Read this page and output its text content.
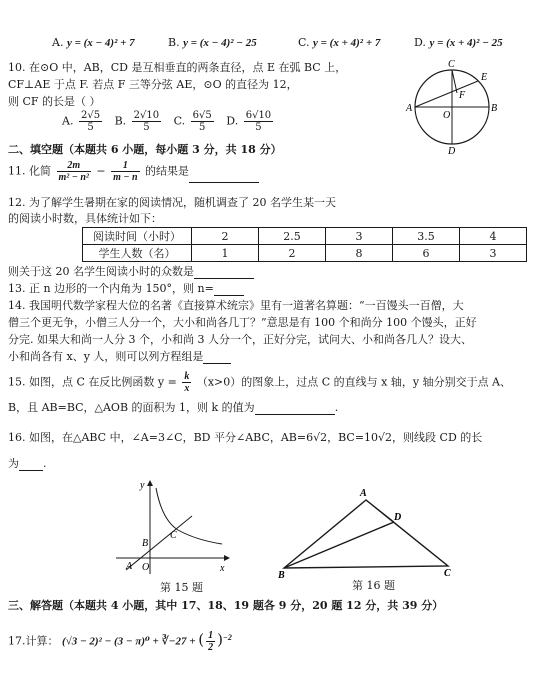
A. y = (x − 4)² + 7	B. y = (x − 4)² − 25	C. y = (x + 4)² + 7	D. y = (x + 4)² − 25
10. 在⊙O 中，AB，CD 是互相垂直的两条直径，点 E 在弧 BC 上，
CF⊥AE 于点 F. 若点 F 三等分弦 AE，⊙O 的直径为 12，
则 CF 的长是（ ）
A. $\frac{2√5}{5} B$. $\frac{2√10}{5} C$. $\frac{6√5}{5} D$. $\frac{6√10}{5}$
A	B
C
D
E
F
O
二、填空题（本题共 6 小题，每小题 3 分，共 18 分）
11. 化简 $\frac{2m}{\text{m² − n²}} - \frac{1}{m - n}$ 的结果是
12. 为了解学生暑期在家的阅读情况，随机调查了 20 名学生某一天
的阅读小时数，具体统计如下：
阅读时间（小时）	2	2.5	3	3.5	4
学生人数（名）	1	2	8	6	3
则关于这 20 名学生阅读小时的众数是
13. 正 n 边形的一个内角为 150°，则 n=
14. 我国明代数学家程大位的名著《直接算术统宗》里有一道著名算题：“一百馒头一百僧，大
僧三个更无争，小僧三人分一个，大小和尚各几丁？”意思是有 100 个和尚分 100 个馒头，正好
分完. 如果大和尚一人分 3 个，小和尚 3 人分一个，正好分完，试问大、小和尚各几人？设大、
小和尚各有 x、y 人，则可以列方程组是
15. 如图，点 C 在反比例函数 $y = \frac{k}{x} (x>0)$的图象上，过点 C 的直线与 x 轴，y 轴分别交于点 A、
B，且 AB=BC，△AOB 的面积为 1，则 k 的值为	.
16. 如图，在△ABC 中，∠A=3∠C，BD 平分∠ABC，AB=6√2，BC=10√2，则线段 CD 的长
为 .
y
x
O
A
B
C
第 15 题
A
B	C
D
第 16 题
三、解答题（本题共 4 小题，其中 17、18、19 题各 9 分，20 题 12 分，共 39 分）
17.计算： (√3 − 2)² − (3 − π)⁰ + ∛−27 + ( $\frac{1}{2} )^{-2}$
